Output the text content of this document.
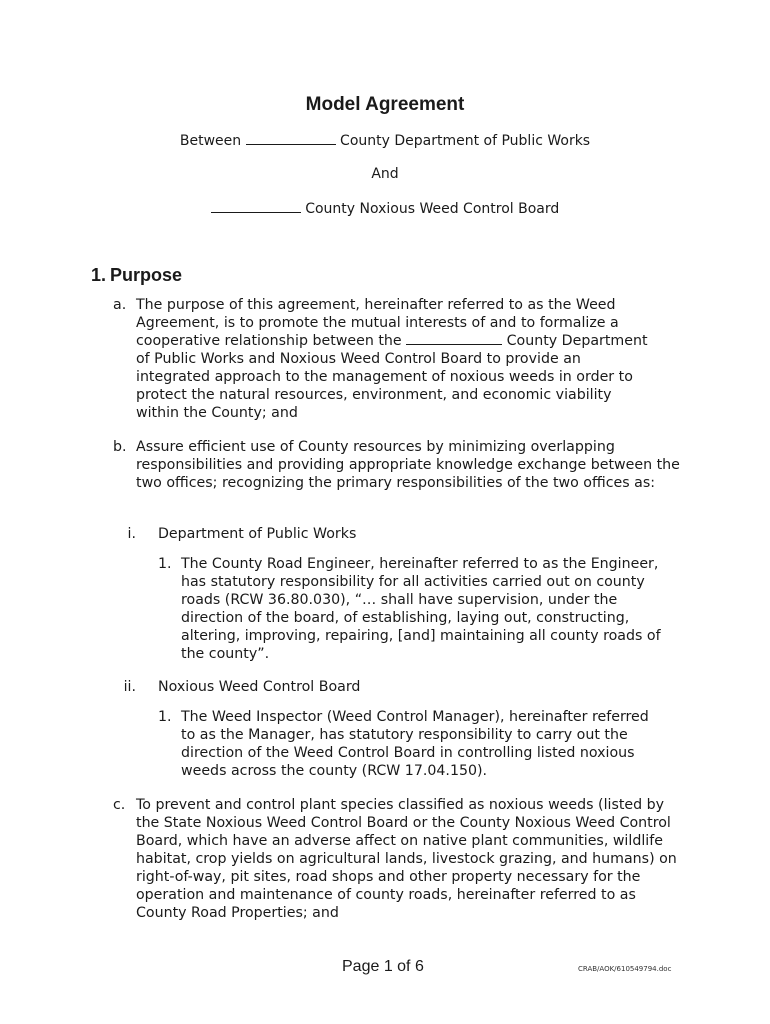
Model Agreement
Between	County Department of Public Works
And
County Noxious Weed Control Board
1. Purpose
a. The purpose of this agreement, hereinafter referred to as the Weed
Agreement, is to promote the mutual interests of and to formalize a
cooperative relationship between the	County Department
of Public Works and Noxious Weed Control Board to provide an
integrated approach to the management of noxious weeds in order to
protect the natural resources, environment, and economic viability
within the County; and
b. Assure efficient use of County resources by minimizing overlapping responsibilities and providing appropriate knowledge exchange between the two offices; recognizing the primary responsibilities of the two offices as:
i. Department of Public Works
1. The County Road Engineer, hereinafter referred to as the Engineer, has statutory responsibility for all activities carried out on county roads (RCW 36.80.030), “… shall have supervision, under the direction of the board, of establishing, laying out, constructing, altering, improving, repairing, [and] maintaining all county roads of the county”.
ii. Noxious Weed Control Board
1. The Weed Inspector (Weed Control Manager), hereinafter referred to as the Manager, has statutory responsibility to carry out the direction of the Weed Control Board in controlling listed noxious weeds across the county (RCW 17.04.150).
c. To prevent and control plant species classified as noxious weeds (listed by the State Noxious Weed Control Board or the County Noxious Weed Control Board, which have an adverse affect on native plant communities, wildlife habitat, crop yields on agricultural lands, livestock grazing, and humans) on right-of-way, pit sites, road shops and other property necessary for the operation and maintenance of county roads, hereinafter referred to as County Road Properties; and
Page 1 of 6	CRAB/AOK/610549794.doc
